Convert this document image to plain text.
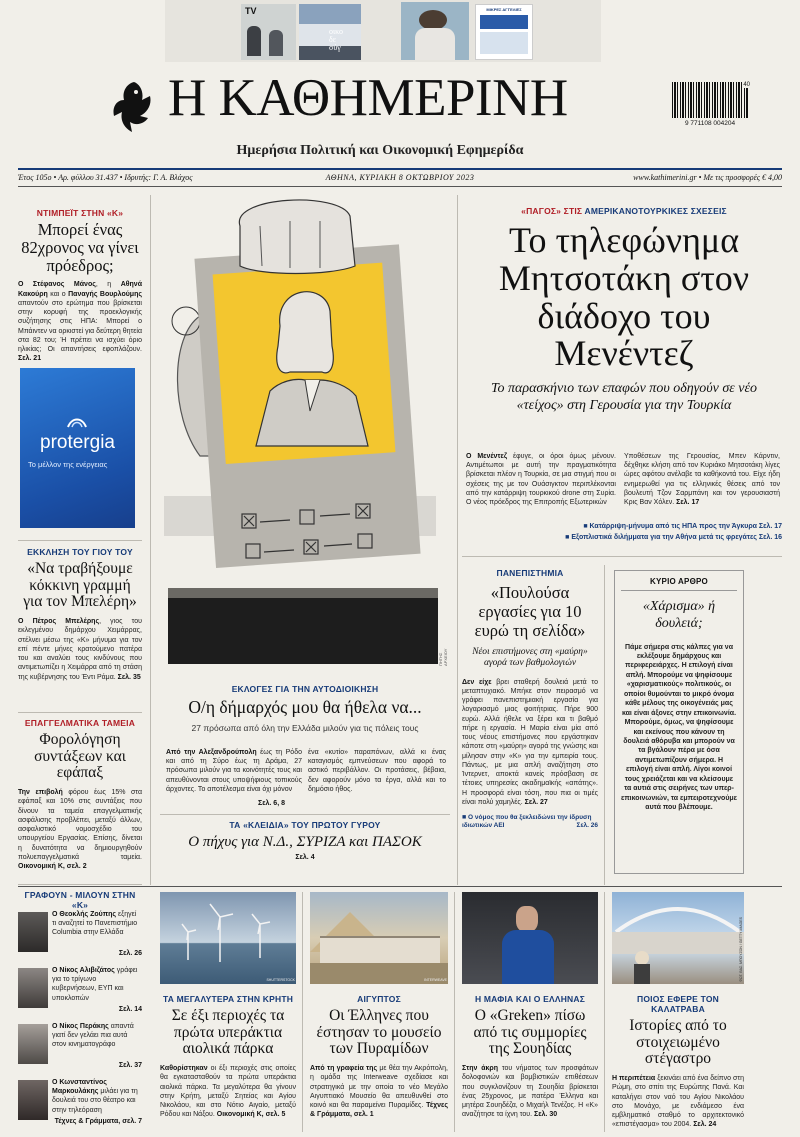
TV
οικο
δε
σύγ
ΜΙΚΡΕΣ ΑΓΓΕΛΙΕΣ
Η ΚΑΘΗΜΕΡΙΝΗ
Ημερήσια Πολιτική και Οικονομική Εφημερίδα
40
9 771108 004204
Έτος 105ο • Αρ. φύλλου 31.437 • Ιδρυτής: Γ. Α. Βλάχος	ΑΘΗΝΑ, ΚΥΡΙΑΚΗ 8 ΟΚΤΩΒΡΙΟΥ 2023	www.kathimerini.gr • Με τις προσφορές € 4,00
ΝΤΙΜΠΕΪΤ ΣΤΗΝ «Κ»
Μπορεί ένας 82χρονος να γίνει πρόεδρος;
Ο Στέφανος Μάνος, η Αθηνά Κακούρη και ο Παναγής Βουρλούμης απαντούν στο ερώτημα που βρίσκεται στην κορυφή της προεκλογικής συζήτησης στις ΗΠΑ: Μπορεί ο Μπάιντεν να ορκιστεί για δεύτερη θητεία στα 82 του; Ή πρέπει να ισχύει όριο ηλικίας; Οι απαντήσεις εφοπλάζουν. Σελ. 21
protergia
Το μέλλον της ενέργειας
ΕΚΚΛΗΣΗ ΤΟΥ ΓΙΟΥ ΤΟΥ
«Να τραβήξουμε κόκκινη γραμμή για τον Μπελέρη»
Ο Πέτρος Μπελέρης, γιος του εκλεγμένου δημάρχου Χειμάρρας, στέλνει μέσω της «Κ» μήνυμα για τον επί πέντε μήνες κρατούμενο πατέρα του και αναλύει τους κινδύνους που αντιμετωπίζει η Χειμάρρα από τη στάση της κυβέρνησης του Έντι Ράμα. Σελ. 35
ΕΠΑΓΓΕΛΜΑΤΙΚΑ ΤΑΜΕΙΑ
Φορολόγηση συντάξεων και εφάπαξ
Την επιβολή φόρου έως 15% στα εφάπαξ και 10% στις συντάξεις που δίνουν τα ταμεία επαγγελματικής ασφάλισης προβλέπει, μεταξύ άλλων, ασφαλιστικό νομοσχέδιο του υπουργείου Εργασίας. Επίσης, δίνεται η δυνατότητα να δημιουργηθούν πολυεπαγγελματικά ταμεία. Οικονομική Κ, σελ. 2
ΓΡΑΦΟΥΝ - ΜΙΛΟΥΝ ΣΤΗΝ «Κ»
Ο Θεοκλής Ζούπης εξηγεί τι αναζητεί το Πανεπιστήμιο Columbia στην Ελλάδα
Σελ. 26
Ο Νίκος Αλιβιζάτος γράφει για το τρίγωνο κυβερνήσεων, ΕΥΠ και υποκλοπών
Σελ. 14
Ο Νίκος Περάκης απαντά γιατί δεν γελάει πια αυτά στον κινηματογράφο
Σελ. 37
Ο Κωνσταντίνος Μαρκουλάκης μιλάει για τη δουλειά του στο θέατρο και στην τηλεόραση
Τέχνες & Γράμματα, σελ. 7
ΠΗΓΗΣ ΑΡΧΕΙΟΥ
«ΠΑΓΟΣ» ΣΤΙΣ ΑΜΕΡΙΚΑΝΟΤΟΥΡΚΙΚΕΣ ΣΧΕΣΕΙΣ
Το τηλεφώνημα Μητσοτάκη στον διάδοχο του Μενέντεζ
Το παρασκήνιο των επαφών που οδηγούν σε νέο «τείχος» στη Γερουσία για την Τουρκία
Ο Μενέντεζ έφυγε, οι όροι όμως μένουν. Αντιμέτωποι με αυτή την πραγματικότητα βρίσκεται πλέον η Τουρκία, σε μια στιγμή που οι σχέσεις της με τον Ουάσιγκτον περιπλέκονται από την κατάρριψη τουρκικού drone στη Συρία. Ο νέος πρόεδρος της Επιτροπής Εξωτερικών
Υποθέσεων της Γερουσίας, Μπεν Κάρντιν, δέχθηκε κλήση από τον Κυριάκο Μητσοτάκη λίγες ώρες αφότου ανέλαβε τα καθήκοντά του. Είχε ήδη ενημερωθεί για τις ελληνικές θέσεις από τον βουλευτή Τζον Σαρμπάνη και τον γερουσιαστή Κρις Βαν Χόλεν. Σελ. 17
■ Κατάρριψη-μήνυμα από τις ΗΠΑ προς την Άγκυρα Σελ. 17
■ Εξοπλιστικά διλήμματα για την Αθήνα μετά τις φρεγάτες Σελ. 16
ΕΚΛΟΓΕΣ ΓΙΑ ΤΗΝ ΑΥΤΟΔΙΟΙΚΗΣΗ
Ο/η δήμαρχός μου θα ήθελα να...
27 πρόσωπα από όλη την Ελλάδα μιλούν για τις πόλεις τους
Από την Αλεξανδρούπολη έως τη Ρόδο και από τη Σύρο έως τη Δράμα, 27 πρόσωπα μιλούν για τα κοινότητές τους και απευθύνονται στους υποψήφιους τοπικούς άρχοντες. Το αποτέλεσμα είναι όχι μόνον
ένα «κυτίο» παραπόνων, αλλά κι ένας καταγισμός εμπνεύσεων που αφορά το αστικό περιβάλλον. Οι προτάσεις, βέβαια, δεν αφορούν μόνο τα έργα, αλλά και το δημόσιο ήθος.
Σελ. 6, 8
ΤΑ «ΚΛΕΙΔΙΑ» ΤΟΥ ΠΡΩΤΟΥ ΓΥΡΟΥ
Ο πήχυς για Ν.Δ., ΣΥΡΙΖΑ και ΠΑΣΟΚ
Σελ. 4
ΠΑΝΕΠΙΣΤΗΜΙΑ
«Πουλούσα εργασίες για 10 ευρώ τη σελίδα»
Νέοι επιστήμονες στη «μαύρη» αγορά των βαθμολογιών
Δεν είχε βρει σταθερή δουλειά μετά το μεταπτυχιακό. Μπήκε στον πειρασμό να γράφει πανεπιστημιακή εργασία για λογαριασμό μιας φοιτήτριας. Πήρε 900 ευρώ. Αλλά ήθελε να ξέρει και τι βαθμό πήρε η εργασία. Η Μαρία είναι μία από τους νέους επιστήμονες που εργάστηκαν κάποτε στη «μαύρη» αγορά της γνώσης και μίλησαν στην «Κ» για την εμπειρία τους. Πάντως, με μια απλή αναζήτηση στο Ίντερνετ, αποκτά κανείς πρόσβαση σε τέτοιες υπηρεσίες ακαδημαϊκής «απάτης». Η προσφορά είναι τόση, που πια οι τιμές είναι πολύ χαμηλές. Σελ. 27
■ Ο νόμος που θα ξεκλειδώνει την ίδρυση ιδιωτικών ΑΕΙ	Σελ. 26
ΚΥΡΙΟ ΑΡΘΡΟ
«Χάρισμα» ή δουλειά;
Πάμε σήμερα στις κάλπες για να εκλέξουμε δημάρχους και περιφερειάρχες. Η επιλογή είναι απλή. Μπορούμε να ψηφίσουμε «χαρισματικούς» πολιτικούς, οι οποίοι θυμούνται το μικρό όνομα κάθε μέλους της οικογένειάς μας και είναι άξονες στην επικοινωνία. Μπορούμε, όμως, να ψηφίσουμε και εκείνους που κάνουν τη δουλειά αθόρυβα και μπορούν να τα βγάλουν πέρα με όσα αντιμετωπίζουν σήμερα. Η επιλογή είναι απλή. Λίγοι κοινοί τους χρειάζεται και να κλείσουμε τα αυτιά στις σειρήνες των υπερ-επικοινωνιών, τα εμπειροτεχνούμε αυτά που βλέπουμε.
SHUTTERSTOCK
ΤΑ ΜΕΓΑΛΥΤΕΡΑ ΣΤΗΝ ΚΡΗΤΗ
Σε έξι περιοχές τα πρώτα υπεράκτια αιολικά πάρκα
Καθορίστηκαν οι έξι περιοχές στις οποίες θα εγκατασταθούν τα πρώτα υπεράκτια αιολικά πάρκα. Τα μεγαλύτερα θα γίνουν στην Κρήτη, μεταξύ Σητείας και Αγίου Νικολάου, και στο Νότιο Αιγαίο, μεταξύ Ρόδου και Νάξου. Οικονομική Κ, σελ. 5
INTERWEAVE
ΑΙΓΥΠΤΟΣ
Οι Έλληνες που έστησαν το μουσείο των Πυραμίδων
Από τη γραφεία της με θέα την Ακρόπολη, η ομάδα της Interweave σχεδίασε και στρατηγικά με την οποία το νέο Μεγάλο Αιγυπτιακό Μουσείο θα απευθυνθεί στο κοινό και θα παραμείνει Πυραμίδες. Τέχνες & Γράμματα, σελ. 1
Η ΜΑΦΙΑ ΚΑΙ Ο ΕΛΛΗΝΑΣ
Ο «Greken» πίσω από τις συμμορίες της Σουηδίας
Στην άκρη του νήματος των προσφάτων δολοφονιών και βομβιστικών επιθέσεων που συγκλονίζουν τη Σουηδία βρίσκεται ένας 25χρονος, με πατέρα Έλληνα και μητέρα Σουηδέζα, ο Μιχαήλ Τενέζος. Η «Κ» αναζήτησε τα ίχνη του. Σελ. 30
ΦΩΤ. ΒΑΣ. ΜΠΟΥΖΟΝ / GETTY IMAGES
ΠΟΙΟΣ ΕΦΕΡΕ ΤΟΝ ΚΑΛΑΤΡΑΒΑ
Ιστορίες από το στοιχειωμένο στέγαστρο
Η περιπέτεια ξεκινάει από ένα δείπνο στη Ρώμη, στο σπίτι της Ευρώπης Πανά. Και καταλήγει στον ναό του Αγίου Νικολάου στο Μονάχο, με ενδιάμεσο ένα εμβληματικό σταθμό το αρχιτεκτονικό «επιστέγασμα» του 2004. Σελ. 24
